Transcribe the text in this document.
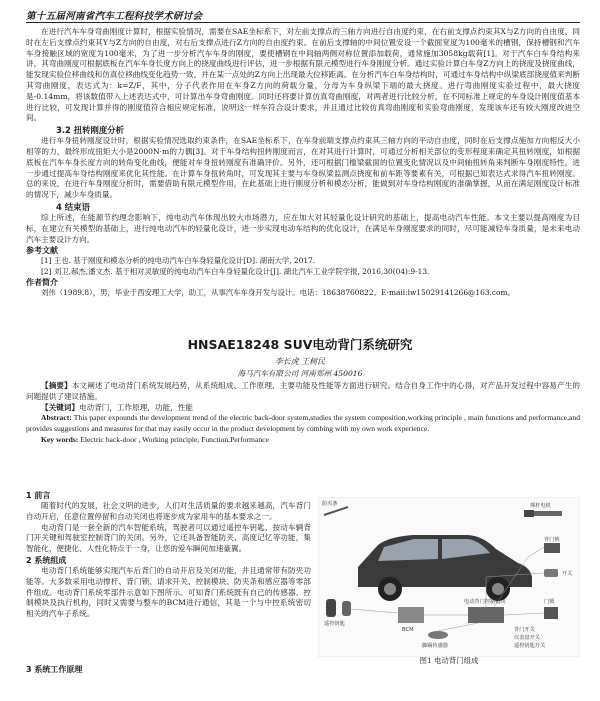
第十五届河南省汽车工程科技学术研讨会

在进行汽车车身弯曲刚度计算时，根据实验情况，需要在SAE坐标系下，对左前支撑点的三轴方向进行自由度约束，在右前支撑点约束其X与Z方向的自由度，同时在左后支撑点约束其Y与Z方向的自由度，对右后支撑点进行Z方向的自由度约束。在前后支撑轴的中间位置安设一个截面宽度为100毫米的槽钢，保持槽钢和汽车车身接触区域的宽度为100毫米，为了进一步分析汽车车身的刚度，要使槽钢在中间轴两侧对称位置添加载荷，通常施加3058kg载荷[1]。对于汽车白车身结构来讲，其弯曲刚度可根据底板在汽车车身长度方向上的挠度曲线进行评估，进一步根据有限元模型进行车身刚度分析。通过实验计算白车身Z方向上的挠度及挠度曲线，能发现实验位移曲线和仿真位移曲线变化趋势一致，并在某一点处的Z方向上出现最大位移距离。在分析汽车白车身结构时，可通过车身结构中纵梁底部挠度值来判断其弯曲刚度，表达式为：k=Z/F，其中，分子代表作用在车身Z方向的荷载分量，分母为车身纵梁下端的最大挠度。进行弯曲刚度实验过程中，最大挠度是-0.14mm，将该数值带入上述表达式中，可计算出车身弯曲刚度。同时还将要计算仿真弯曲刚度，对两者进行比较分析，在不同标准上规定的车身设计刚度值基本进行比较，可发现计算并得的刚度值符合相应规定标准，说明这一样车符合设计要求，并且通过比较仿真弯曲刚度和实验弯曲刚度，发现该车还有较大刚度改进空间。

3.2 扭转刚度分析

进行车身扭转刚度设计时，根据实验情况选取约束条件，在SAE坐标系下，在车身前端支撑点约束其三轴方向的平动自由度，同时在后支撑点施加方向相反大小相等的力，最终形成扭矩大小是2000N·m的力偶[3]。对于车身结构扭转刚度而言，在对其进行计算时，可通过分析相关部位的变形程度来确定其扭转刚度，如根据底板在汽车车身长度方向的转角变化曲线，便能对车身扭转刚度有准确评价。另外，还可根据门槛梁截面的位置变化情况以及中间轴扭转角来判断车身刚度特性，进一步通过提高车身结构刚度来优化其性能。在计算车身扭转角时，可发现其主要与车身纵梁监测点挠度和前车距等要素有关，可根据已知表达式求得汽车扭转刚度。总的来说，在进行车身刚度分析时，需要借助有限元模型作用，在此基础上进行刚度分析和模态分析，能做到对车身结构刚度的准确掌握，从而在满足刚度设计标准的情况下，减少车身质量。

4 结束语

综上所述，在能源节约理念影响下，纯电动汽车体现出较大市场潜力，应在加大对其轻量化设计研究的基础上，提高电动汽车性能。本文主要以提高刚度为目标，在建立有关模型的基础上，进行纯电动汽车的轻量化设计，进一步实现电动车结构的优化设计，在满足车身刚度要求的同时，尽可能减轻车身质量，是未来电动汽车主要设计方向。

参考文献

[1] 王也. 基于刚度和模态分析的纯电动汽车白车身轻量化设计[D]. 湖南大学, 2017.

[2] 刘卫,郝杰,潘文杰. 基于相对灵敏度的纯电动汽车白车身轻量化设计[J]. 湖北汽车工业学院学报, 2016,30(04):9-13.

作者简介

刘伟（1989.8），男，毕业于西安理工大学，助工，从事汽车车身开发与设计。电话：18638760822。E-mail:lw15029141266@163.com。

HNSAE18248 SUV电动背门系统研究
李长虎 王树民
海马汽车有限公司 河南郑州 450016

【摘要】本文阐述了电动背门系统发展趋势，从系统组成、工作原理、主要功能及性能等方面进行研究。结合自身工作中的心得，对产品开发过程中容易产生的问题提供了建议措施。

【关键词】电动背门，工作原理，功能，性能

Abstract: This paper expounds the development trend of the electric back-door system,studies the system composition,working principle , main functions and performance,and provides suggestions and measures for that may easily occur in the product development by combing with my own work experience.

Key words: Electric back-door , Working principle, Function,Performance

1 前言

随着时代的发展，社会文明的进步，人们对生活质量的要求越来越高，汽车背门自动开启，任意位置停留和自动关闭也将逐步成为家用车的基本要求之一。

电动背门是一套全新的汽车智能系统，驾驶者可以通过遥控车钥匙、按动车辆背门开关键和驾驶室控制背门的关闭。另外，它还具备智能防夹、高度记忆等功能，集智能化、便捷化、人性化特点于一身，让您的爱车瞬间加速豪翼。

2 系统组成

电动背门系统能够实现汽车后背门的自动开启及关闭功能，并且通常带有防夹功能等。大多数采用电动撑杆、背门锁、请求开关、控制模块、防夹条和感应器等零部件组成。电动背门系统零部件示意如下图所示。可知背门系统既有自己的传感器、控制模块及执行机构，同时又需要与整车的BCM进行通信，其是一个与中控系统密切相关的汽车子系统。

防夹条	撑杆电机
背门锁
开关
BCM
电动背门控制模块	门锁
遥控钥匙
脚踢传感器
背门开关
仪表盘开关
遥控钥匙开关
图1 电动背门组成
3 系统工作原理
